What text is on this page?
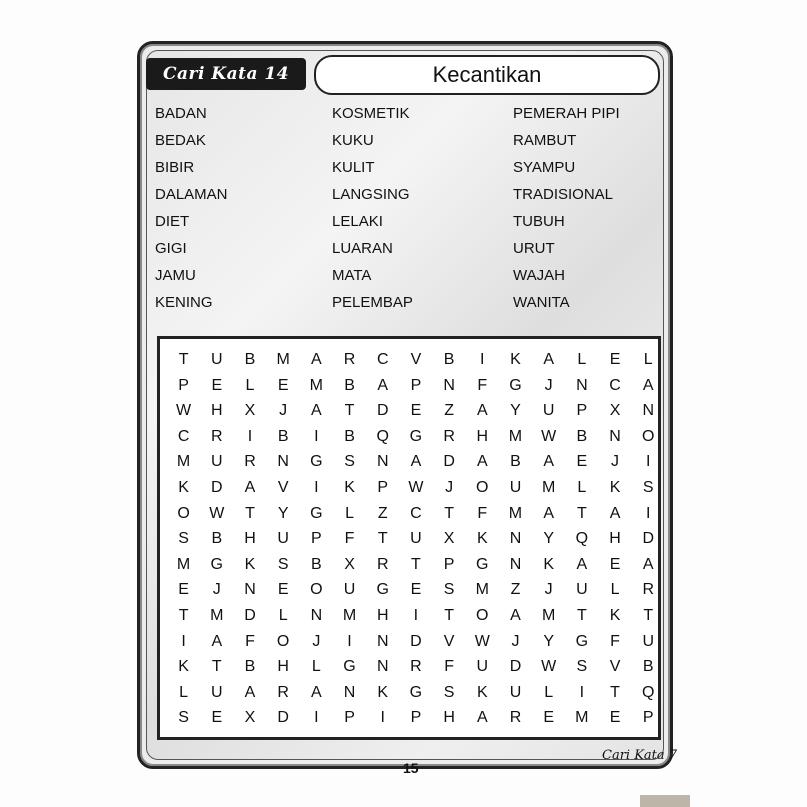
Cari Kata 14	Kecantikan
BADAN
BEDAK
BIBIR
DALAMAN
DIET
GIGI
JAMU
KENING
KOSMETIK
KUKU
KULIT
LANGSING
LELAKI
LUARAN
MATA
PELEMBAP
PEMERAH PIPI
RAMBUT
SYAMPU
TRADISIONAL
TUBUH
URUT
WAJAH
WANITA
T	U	B	M	A	R	C	V	B	I	K	A	L	E	L
P	E	L	E	M	B	A	P	N	F	G	J	N	C	A
W	H	X	J	A	T	D	E	Z	A	Y	U	P	X	N
C	R	I	B	I	B	Q	G	R	H	M	W	B	N	O
M	U	R	N	G	S	N	A	D	A	B	A	E	J	I
K	D	A	V	I	K	P	W	J	O	U	M	L	K	S
O	W	T	Y	G	L	Z	C	T	F	M	A	T	A	I
S	B	H	U	P	F	T	U	X	K	N	Y	Q	H	D
M	G	K	S	B	X	R	T	P	G	N	K	A	E	A
E	J	N	E	O	U	G	E	S	M	Z	J	U	L	R
T	M	D	L	N	M	H	I	T	O	A	M	T	K	T
I	A	F	O	J	I	N	D	V	W	J	Y	G	F	U
K	T	B	H	L	G	N	R	F	U	D	W	S	V	B
L	U	A	R	A	N	K	G	S	K	U	L	I	T	Q
S	E	X	D	I	P	I	P	H	A	R	E	M	E	P
15
Cari Kata 7
